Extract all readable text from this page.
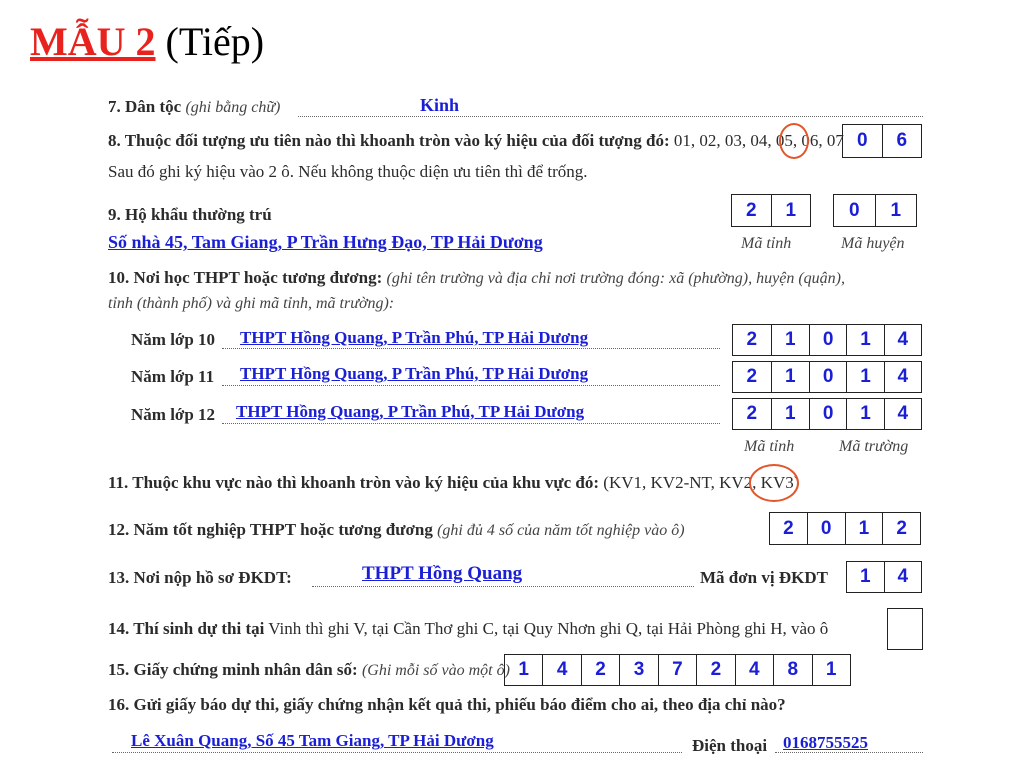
MẪU 2 (Tiếp)
7. Dân tộc (ghi bằng chữ)	Kinh
8. Thuộc đối tượng ưu tiên nào thì khoanh tròn vào ký hiệu của đối tượng đó: 01, 02, 03, 04, 05, 06, 07
Sau đó ghi ký hiệu vào 2 ô. Nếu không thuộc diện ưu tiên thì để trống.
0	6
9. Hộ khẩu thường trú	2	1	0	1
Số nhà 45, Tam Giang, P Trần Hưng Đạo, TP Hải Dương	Mã tỉnh	Mã huyện
10. Nơi học THPT hoặc tương đương: (ghi tên trường và địa chỉ nơi trường đóng: xã (phường), huyện (quận),
tỉnh (thành phố) và ghi mã tỉnh, mã trường):
Năm lớp 10 THPT Hồng Quang, P Trần Phú, TP Hải Dương	2	1	0	1	4
Năm lớp 11 THPT Hồng Quang, P Trần Phú, TP Hải Dương	2	1	0	1	4
Năm lớp 12 THPT Hồng Quang, P Trần Phú, TP Hải Dương	2	1	0	1	4
Mã tỉnh	Mã trường
11. Thuộc khu vực nào thì khoanh tròn vào ký hiệu của khu vực đó: (KV1, KV2-NT, KV2, KV3)
12. Năm tốt nghiệp THPT hoặc tương đương (ghi đủ 4 số của năm tốt nghiệp vào ô)	2	0	1	2
13. Nơi nộp hồ sơ ĐKDT:	THPT Hồng Quang	Mã đơn vị ĐKDT	1	4
14. Thí sinh dự thi tại Vinh thì ghi V, tại Cần Thơ ghi C, tại Quy Nhơn ghi Q, tại Hải Phòng ghi H, vào ô
15. Giấy chứng minh nhân dân số: (Ghi mỗi số vào một ô) 1	4	2	3	7	2	4	8	1
16. Gửi giấy báo dự thi, giấy chứng nhận kết quả thi, phiếu báo điểm cho ai, theo địa chỉ nào?
Lê Xuân Quang, Số 45 Tam Giang, TP Hải Dương	Điện thoại 0168755525
